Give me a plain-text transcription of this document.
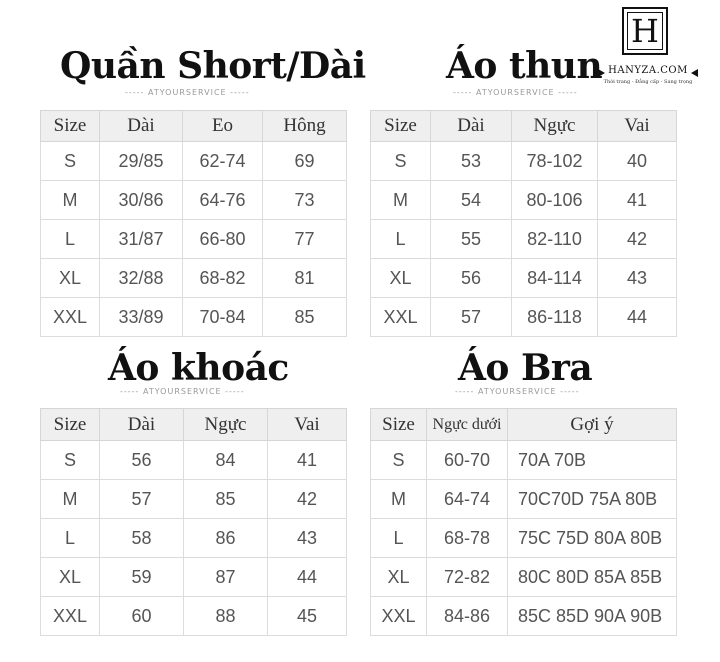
H
HANYZA.COM
Thời trang - Đẳng cấp - Sang trọng
Quần Short/Dài
----- ATYOURSERVICE -----
Size	Dài	Eo	Hông
S	29/85	62-74	69
M	30/86	64-76	73
L	31/87	66-80	77
XL	32/88	68-82	81
XXL	33/89	70-84	85
Áo thun
----- ATYOURSERVICE -----
Size	Dài	Ngực	Vai
S	53	78-102	40
M	54	80-106	41
L	55	82-110	42
XL	56	84-114	43
XXL	57	86-118	44
Áo khoác
----- ATYOURSERVICE -----
Size	Dài	Ngực	Vai
S	56	84	41
M	57	85	42
L	58	86	43
XL	59	87	44
XXL	60	88	45
Áo Bra
----- ATYOURSERVICE -----
Size	Ngực dưới	Gợi ý
S	60-70	70A 70B
M	64-74	70C70D 75A 80B
L	68-78	75C 75D 80A 80B
XL	72-82	80C 80D 85A 85B
XXL	84-86	85C 85D 90A 90B
